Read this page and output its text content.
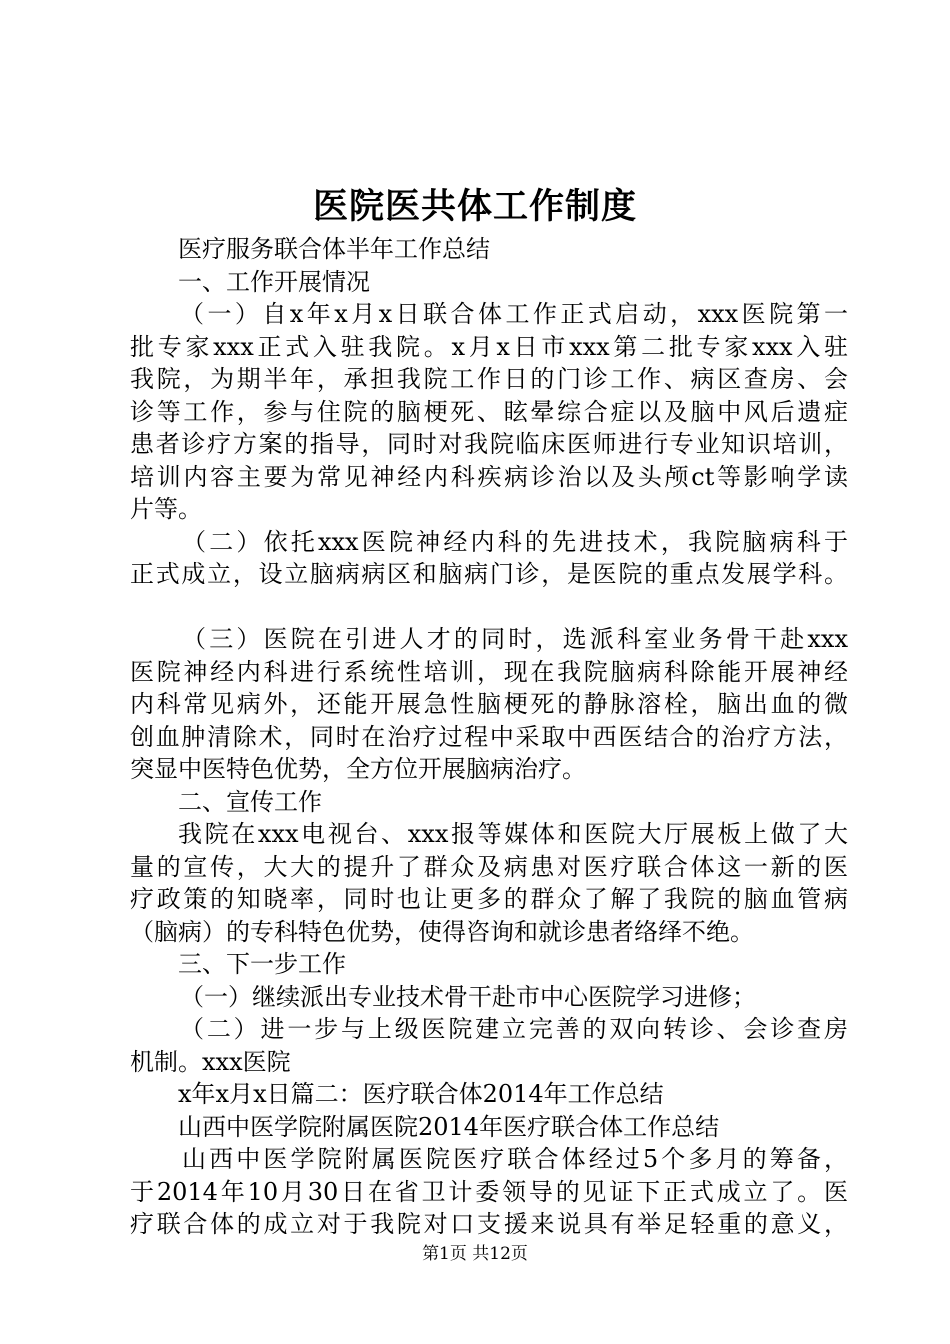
医院医共体工作制度
医疗服务联合体半年工作总结
一、工作开展情况
（一）自x年x月x日联合体工作正式启动，xxx医院第一
批专家xxx正式入驻我院。x月x日市xxx第二批专家xxx入驻
我院，为期半年，承担我院工作日的门诊工作、病区查房、会
诊等工作，参与住院的脑梗死、眩晕综合症以及脑中风后遗症
患者诊疗方案的指导，同时对我院临床医师进行专业知识培训，
培训内容主要为常见神经内科疾病诊治以及头颅ct等影响学读
片等。
（二）依托xxx医院神经内科的先进技术，我院脑病科于
正式成立，设立脑病病区和脑病门诊，是医院的重点发展学科。
（三）医院在引进人才的同时，选派科室业务骨干赴xxx
医院神经内科进行系统性培训，现在我院脑病科除能开展神经
内科常见病外，还能开展急性脑梗死的静脉溶栓，脑出血的微
创血肿清除术，同时在治疗过程中采取中西医结合的治疗方法，
突显中医特色优势，全方位开展脑病治疗。
二、宣传工作
我院在xxx电视台、xxx报等媒体和医院大厅展板上做了大
量的宣传，大大的提升了群众及病患对医疗联合体这一新的医
疗政策的知晓率，同时也让更多的群众了解了我院的脑血管病
（脑病）的专科特色优势，使得咨询和就诊患者络绎不绝。
三、下一步工作
（一）继续派出专业技术骨干赴市中心医院学习进修；
（二）进一步与上级医院建立完善的双向转诊、会诊查房
机制。xxx医院
x年x月x日篇二：医疗联合体2014年工作总结
山西中医学院附属医院2014年医疗联合体工作总结
山西中医学院附属医院医疗联合体经过5个多月的筹备，
于2014年10月30日在省卫计委领导的见证下正式成立了。医
疗联合体的成立对于我院对口支援来说具有举足轻重的意义，
第1页 共12页
